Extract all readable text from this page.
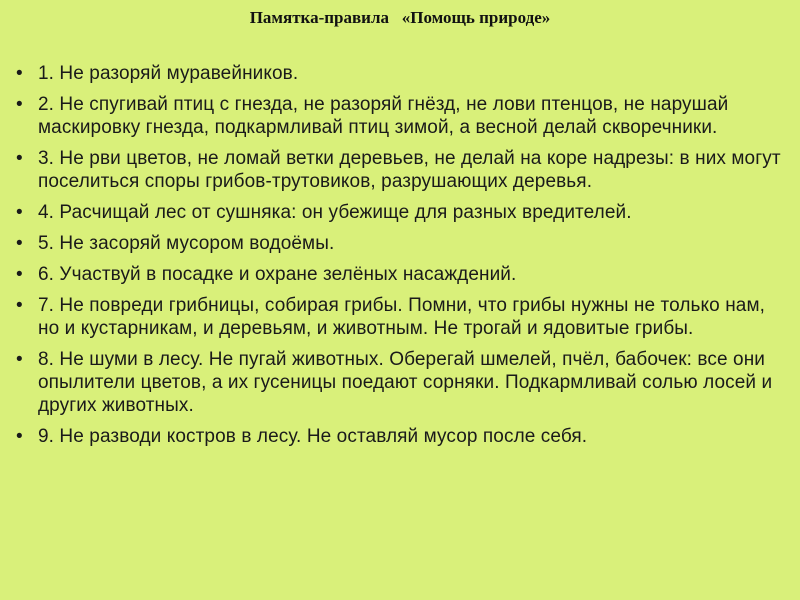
Памятка-правила   «Помощь природе»
• 1. Не разоряй муравейников.
• 2. Не спугивай птиц с гнезда, не разоряй гнёзд, не лови птенцов, не нарушай маскировку гнезда, подкармливай птиц зимой, а весной делай скворечники.
• 3. Не рви цветов, не ломай ветки деревьев, не делай на коре надрезы: в них могут поселиться споры грибов-трутовиков, разрушающих деревья.
• 4. Расчищай лес от сушняка: он убежище для разных вредителей.
• 5. Не засоряй мусором водоёмы.
• 6. Участвуй в посадке и охране зелёных насаждений.
• 7. Не повреди грибницы, собирая грибы. Помни, что грибы нужны не только нам, но и кустарникам, и деревьям, и животным. Не трогай и ядовитые грибы.
• 8. Не шуми в лесу. Не пугай животных. Оберегай шмелей, пчёл, бабочек: все они опылители цветов, а их гусеницы поедают сорняки. Подкармливай солью лосей и других животных.
• 9. Не разводи костров в лесу. Не оставляй мусор после себя.
